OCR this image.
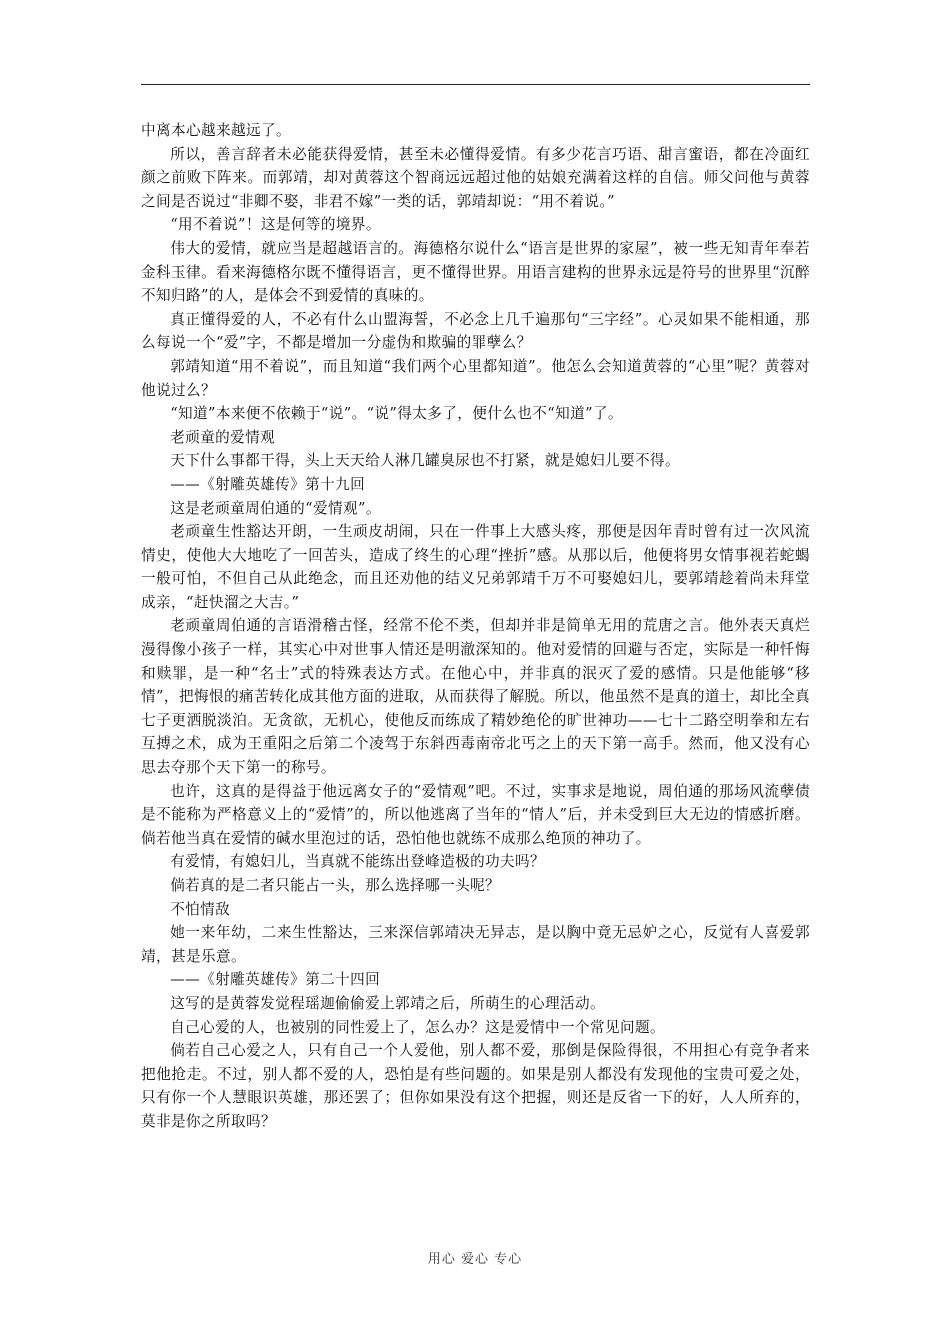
中离本心越来越远了。

所以，善言辞者未必能获得爱情，甚至未必懂得爱情。有多少花言巧语、甜言蜜语，都在冷面红颜之前败下阵来。而郭靖，却对黄蓉这个智商远远超过他的姑娘充满着这样的自信。师父问他与黄蓉之间是否说过“非卿不娶，非君不嫁”一类的话，郭靖却说：“用不着说。”

“用不着说”！这是何等的境界。

伟大的爱情，就应当是超越语言的。海德格尔说什么“语言是世界的家屋”，被一些无知青年奉若金科玉律。看来海德格尔既不懂得语言，更不懂得世界。用语言建构的世界永远是符号的世界里“沉醉不知归路”的人，是体会不到爱情的真味的。

真正懂得爱的人，不必有什么山盟海誓，不必念上几千遍那句“三字经”。心灵如果不能相通，那么每说一个“爱”字，不都是增加一分虚伪和欺骗的罪孽么？

郭靖知道“用不着说”，而且知道“我们两个心里都知道”。他怎么会知道黄蓉的“心里”呢？黄蓉对他说过么？

“知道”本来便不依赖于“说”。“说”得太多了，便什么也不“知道”了。

老顽童的爱情观

天下什么事都干得，头上天天给人淋几罐臭尿也不打紧，就是媳妇儿要不得。

——《射雕英雄传》第十九回

这是老顽童周伯通的“爱情观”。

老顽童生性豁达开朗，一生顽皮胡闹，只在一件事上大感头疼，那便是因年青时曾有过一次风流情史，使他大大地吃了一回苦头，造成了终生的心理“挫折”感。从那以后，他便将男女情事视若蛇蝎一般可怕，不但自己从此绝念，而且还劝他的结义兄弟郭靖千万不可娶媳妇儿，要郭靖趁着尚未拜堂成亲，“赶快溜之大吉。”

老顽童周伯通的言语滑稽古怪，经常不伦不类，但却并非是简单无用的荒唐之言。他外表天真烂漫得像小孩子一样，其实心中对世事人情还是明澈深知的。他对爱情的回避与否定，实际是一种忏悔和赎罪，是一种“名士”式的特殊表达方式。在他心中，并非真的泯灭了爱的感情。只是他能够“移情”，把悔恨的痛苦转化成其他方面的进取，从而获得了解脱。所以，他虽然不是真的道士，却比全真七子更洒脱淡泊。无贪欲，无机心，使他反而练成了精妙绝伦的旷世神功——七十二路空明拳和左右互搏之术，成为王重阳之后第二个凌驾于东斜西毒南帝北丐之上的天下第一高手。然而，他又没有心思去夺那个天下第一的称号。

也许，这真的是得益于他远离女子的“爱情观”吧。不过，实事求是地说，周伯通的那场风流孽债是不能称为严格意义上的“爱情”的，所以他逃离了当年的“情人”后，并未受到巨大无边的情感折磨。倘若他当真在爱情的碱水里泡过的话，恐怕他也就练不成那么绝顶的神功了。

有爱情，有媳妇儿，当真就不能练出登峰造极的功夫吗？

倘若真的是二者只能占一头，那么选择哪一头呢？

不怕情敌

她一来年幼，二来生性豁达，三来深信郭靖决无异志，是以胸中竟无忌妒之心，反觉有人喜爱郭靖，甚是乐意。

——《射雕英雄传》第二十四回

这写的是黄蓉发觉程瑶迦偷偷爱上郭靖之后，所萌生的心理活动。

自己心爱的人，也被别的同性爱上了，怎么办？这是爱情中一个常见问题。

倘若自己心爱之人，只有自己一个人爱他，别人都不爱，那倒是保险得很，不用担心有竞争者来把他抢走。不过，别人都不爱的人，恐怕是有些问题的。如果是别人都没有发现他的宝贵可爱之处，只有你一个人慧眼识英雄，那还罢了；但你如果没有这个把握，则还是反省一下的好，人人所弃的，莫非是你之所取吗？

用心 爱心 专心
